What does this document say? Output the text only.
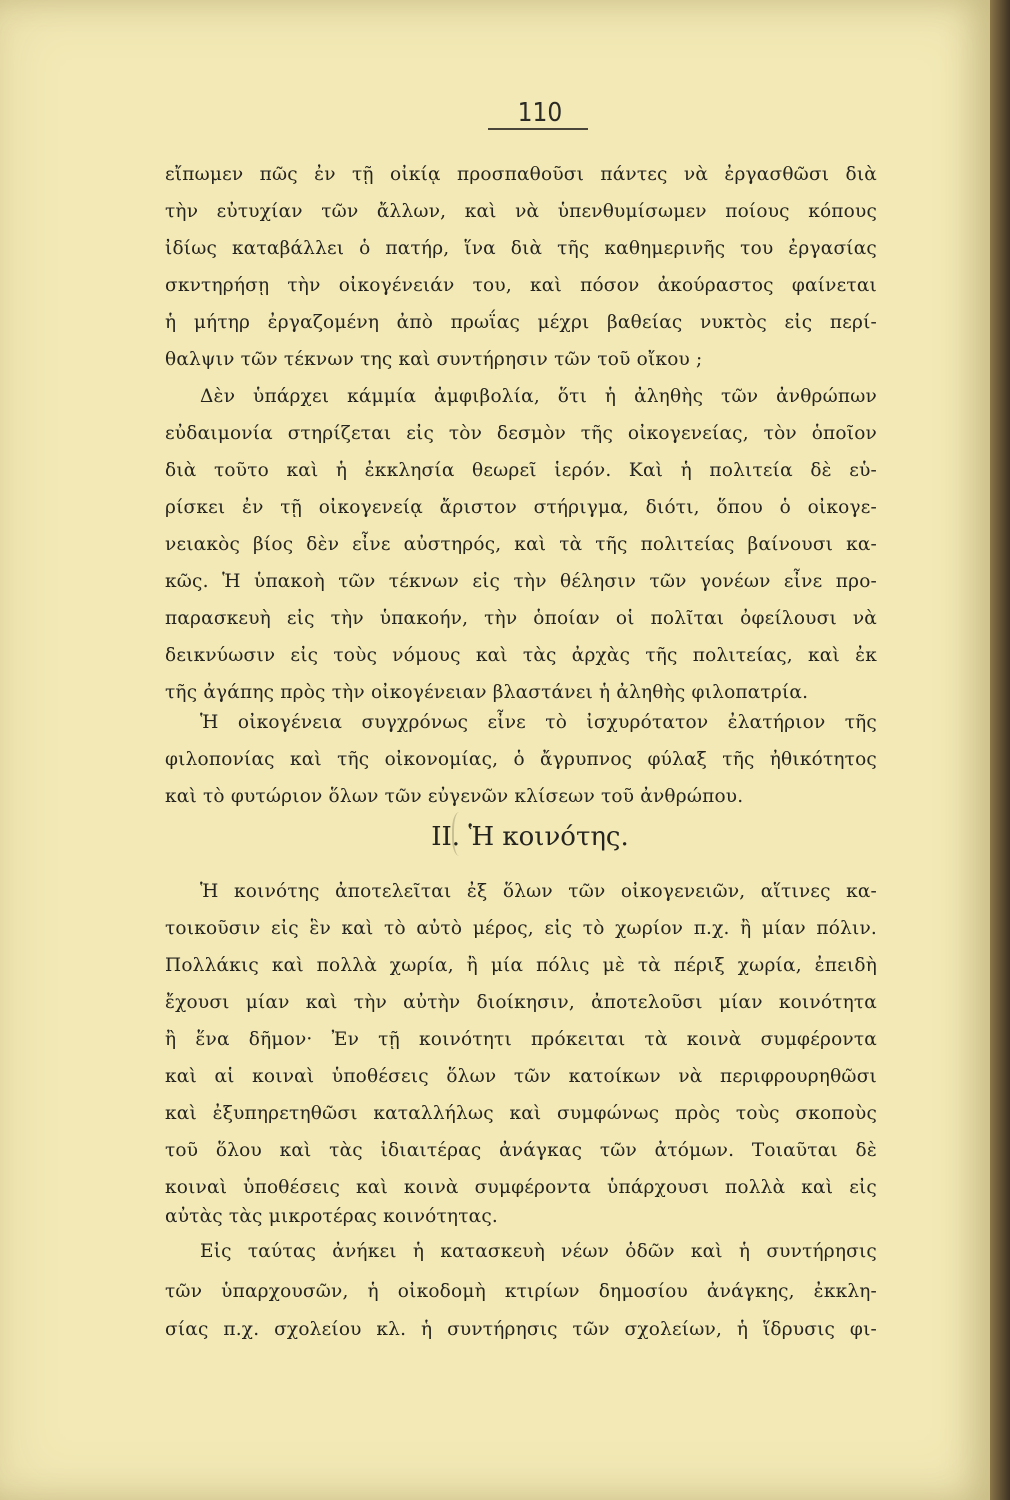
110
εἴπωμεν πῶς ἐν τῇ οἰκίᾳ προσπαθοῦσι πάντες νὰ ἐργασθῶσι διὰ
τὴν εὐτυχίαν τῶν ἄλλων, καὶ νὰ ὑπενθυμίσωμεν ποίους κόπους
ἰδίως καταβάλλει ὁ πατήρ, ἵνα διὰ τῆς καθημερινῆς του ἐργασίας
σκντηρήσῃ τὴν οἰκογένειάν του, καὶ πόσον ἀκούραστος φαίνεται
ἡ μήτηρ ἐργαζομένη ἀπὸ πρωΐας μέχρι βαθείας νυκτὸς εἰς περί-
θαλψιν τῶν τέκνων της καὶ συντήρησιν τῶν τοῦ οἴκου ;
Δὲν ὑπάρχει κάμμία ἀμφιβολία, ὅτι ἡ ἀληθὴς τῶν ἀνθρώπων
εὐδαιμονία στηρίζεται εἰς τὸν δεσμὸν τῆς οἰκογενείας, τὸν ὁποῖον
διὰ τοῦτο καὶ ἡ ἐκκλησία θεωρεῖ ἱερόν. Καὶ ἡ πολιτεία δὲ εὑ-
ρίσκει ἐν τῇ οἰκογενείᾳ ἄριστον στήριγμα, διότι, ὅπου ὁ οἰκογε-
νειακὸς βίος δὲν εἶνε αὐστηρός, καὶ τὰ τῆς πολιτείας βαίνουσι κα-
κῶς. Ἡ ὑπακοὴ τῶν τέκνων εἰς τὴν θέλησιν τῶν γονέων εἶνε προ-
παρασκευὴ εἰς τὴν ὑπακοήν, τὴν ὁποίαν οἱ πολῖται ὀφείλουσι νὰ
δεικνύωσιν εἰς τοὺς νόμους καὶ τὰς ἀρχὰς τῆς πολιτείας, καὶ ἐκ
τῆς ἀγάπης πρὸς τὴν οἰκογένειαν βλαστάνει ἡ ἀληθὴς φιλοπατρία.
Ἡ οἰκογένεια συγχρόνως εἶνε τὸ ἰσχυρότατον ἐλατήριον τῆς
φιλοπονίας καὶ τῆς οἰκονομίας, ὁ ἄγρυπνος φύλαξ τῆς ἠθικότητος
καὶ τὸ φυτώριον ὅλων τῶν εὐγενῶν κλίσεων τοῦ ἀνθρώπου.
II. Ἡ κοινότης.
Ἡ κοινότης ἀποτελεῖται ἐξ ὅλων τῶν οἰκογενειῶν, αἵτινες κα-
τοικοῦσιν εἰς ἓν καὶ τὸ αὐτὸ μέρος, εἰς τὸ χωρίον π.χ. ἢ μίαν πόλιν.
Πολλάκις καὶ πολλὰ χωρία, ἢ μία πόλις μὲ τὰ πέριξ χωρία, ἐπειδὴ
ἔχουσι μίαν καὶ τὴν αὐτὴν διοίκησιν, ἀποτελοῦσι μίαν κοινότητα
ἢ ἕνα δῆμον· Ἐν τῇ κοινότητι πρόκειται τὰ κοινὰ συμφέροντα
καὶ αἱ κοιναὶ ὑποθέσεις ὅλων τῶν κατοίκων νὰ περιφρουρηθῶσι
καὶ ἐξυπηρετηθῶσι καταλλήλως καὶ συμφώνως πρὸς τοὺς σκοποὺς
τοῦ ὅλου καὶ τὰς ἰδιαιτέρας ἀνάγκας τῶν ἀτόμων. Τοιαῦται δὲ
κοιναὶ ὑποθέσεις καὶ κοινὰ συμφέροντα ὑπάρχουσι πολλὰ καὶ εἰς
αὐτὰς τὰς μικροτέρας κοινότητας.
Εἰς ταύτας ἀνήκει ἡ κατασκευὴ νέων ὁδῶν καὶ ἡ συντήρησις
τῶν ὑπαρχουσῶν, ἡ οἰκοδομὴ κτιρίων δημοσίου ἀνάγκης, ἐκκλη-
σίας π.χ. σχολείου κλ. ἡ συντήρησις τῶν σχολείων, ἡ ἵδρυσις φι-
